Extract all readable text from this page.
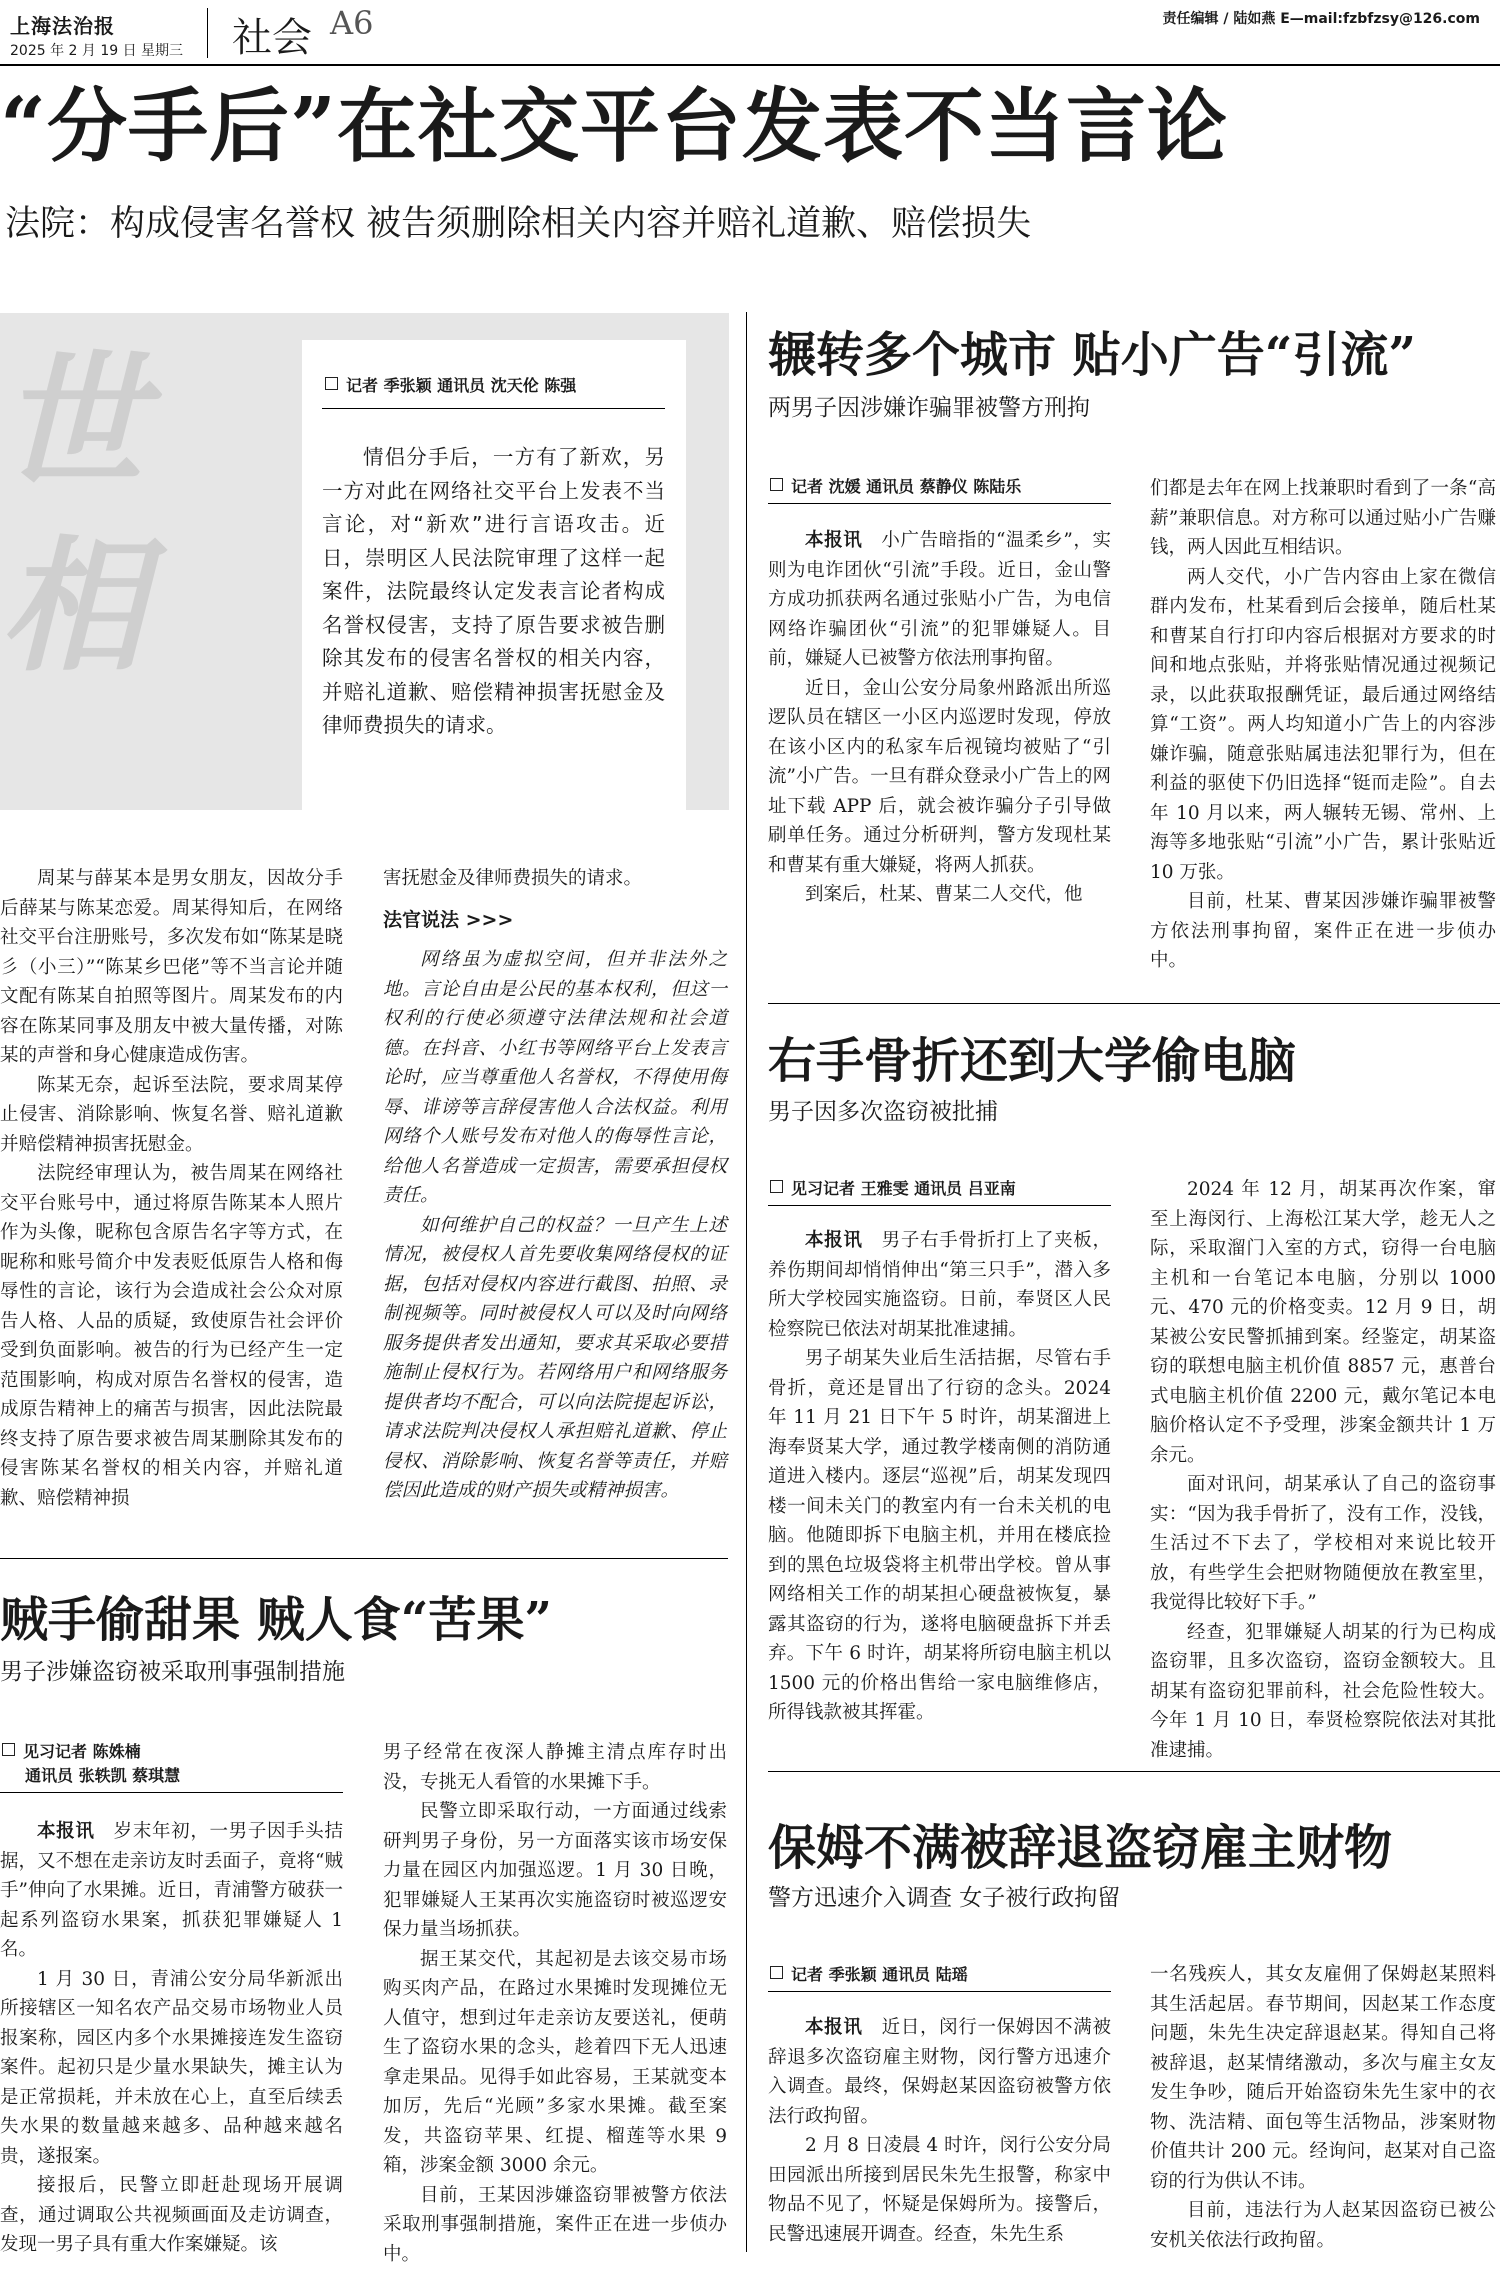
上海法治报
2025 年 2 月 19 日 星期三 社会 A6	责任编辑 / 陆如燕 E—mail:fzbfzsy@126.com
“分手后”在社交平台发表不当言论
法院：构成侵害名誉权 被告须删除相关内容并赔礼道歉、赔偿损失
世相
记者 季张颖 通讯员 沈天伦 陈强

情侣分手后，一方有了新欢，另一方对此在网络社交平台上发表不当言论，对“新欢”进行言语攻击。近日，崇明区人民法院审理了这样一起案件，法院最终认定发表言论者构成名誉权侵害，支持了原告要求被告删除其发布的侵害名誉权的相关内容，并赔礼道歉、赔偿精神损害抚慰金及律师费损失的请求。

周某与薛某本是男女朋友，因故分手后薛某与陈某恋爱。周某得知后，在网络社交平台注册账号，多次发布如“陈某是晓彡（小三）”“陈某乡巴佬”等不当言论并随文配有陈某自拍照等图片。周某发布的内容在陈某同事及朋友中被大量传播，对陈某的声誉和身心健康造成伤害。

陈某无奈，起诉至法院，要求周某停止侵害、消除影响、恢复名誉、赔礼道歉并赔偿精神损害抚慰金。

法院经审理认为，被告周某在网络社交平台账号中，通过将原告陈某本人照片作为头像，昵称包含原告名字等方式，在昵称和账号简介中发表贬低原告人格和侮辱性的言论，该行为会造成社会公众对原告人格、人品的质疑，致使原告社会评价受到负面影响。被告的行为已经产生一定范围影响，构成对原告名誉权的侵害，造成原告精神上的痛苦与损害，因此法院最终支持了原告要求被告周某删除其发布的侵害陈某名誉权的相关内容，并赔礼道歉、赔偿精神损

害抚慰金及律师费损失的请求。

法官说法 >>>

网络虽为虚拟空间，但并非法外之地。言论自由是公民的基本权利，但这一权利的行使必须遵守法律法规和社会道德。在抖音、小红书等网络平台上发表言论时，应当尊重他人名誉权，不得使用侮辱、诽谤等言辞侵害他人合法权益。利用网络个人账号发布对他人的侮辱性言论，给他人名誉造成一定损害，需要承担侵权责任。

如何维护自己的权益？一旦产生上述情况，被侵权人首先要收集网络侵权的证据，包括对侵权内容进行截图、拍照、录制视频等。同时被侵权人可以及时向网络服务提供者发出通知，要求其采取必要措施制止侵权行为。若网络用户和网络服务提供者均不配合，可以向法院提起诉讼，请求法院判决侵权人承担赔礼道歉、停止侵权、消除影响、恢复名誉等责任，并赔偿因此造成的财产损失或精神损害。

辗转多个城市 贴小广告“引流”
两男子因涉嫌诈骗罪被警方刑拘
记者 沈媛 通讯员 蔡静仪 陈陆乐

本报讯　 小广告暗指的“温柔乡”，实则为电诈团伙“引流”手段。近日，金山警方成功抓获两名通过张贴小广告，为电信网络诈骗团伙“引流”的犯罪嫌疑人。目前，嫌疑人已被警方依法刑事拘留。

近日，金山公安分局象州路派出所巡逻队员在辖区一小区内巡逻时发现，停放在该小区内的私家车后视镜均被贴了“引流”小广告。一旦有群众登录小广告上的网址下载 APP 后，就会被诈骗分子引导做刷单任务。通过分析研判，警方发现杜某和曹某有重大嫌疑，将两人抓获。

到案后，杜某、曹某二人交代，他

们都是去年在网上找兼职时看到了一条“高薪”兼职信息。对方称可以通过贴小广告赚钱，两人因此互相结识。

两人交代，小广告内容由上家在微信群内发布，杜某看到后会接单，随后杜某和曹某自行打印内容后根据对方要求的时间和地点张贴，并将张贴情况通过视频记录，以此获取报酬凭证，最后通过网络结算“工资”。两人均知道小广告上的内容涉嫌诈骗，随意张贴属违法犯罪行为，但在利益的驱使下仍旧选择“铤而走险”。自去年 10 月以来，两人辗转无锡、常州、上海等多地张贴“引流”小广告，累计张贴近 10 万张。

目前，杜某、曹某因涉嫌诈骗罪被警方依法刑事拘留，案件正在进一步侦办中。

右手骨折还到大学偷电脑
男子因多次盗窃被批捕
见习记者 王雅雯 通讯员 吕亚南

本报讯　 男子右手骨折打上了夹板，养伤期间却悄悄伸出“第三只手”，潜入多所大学校园实施盗窃。日前，奉贤区人民检察院已依法对胡某批准逮捕。

男子胡某失业后生活拮据，尽管右手骨折，竟还是冒出了行窃的念头。2024 年 11 月 21 日下午 5 时许，胡某溜进上海奉贤某大学，通过教学楼南侧的消防通道进入楼内。逐层“巡视”后，胡某发现四楼一间未关门的教室内有一台未关机的电脑。他随即拆下电脑主机，并用在楼底捡到的黑色垃圾袋将主机带出学校。曾从事网络相关工作的胡某担心硬盘被恢复，暴露其盗窃的行为，遂将电脑硬盘拆下并丢弃。下午 6 时许，胡某将所窃电脑主机以 1500 元的价格出售给一家电脑维修店，所得钱款被其挥霍。

2024 年 12 月，胡某再次作案，窜至上海闵行、上海松江某大学，趁无人之际，采取溜门入室的方式，窃得一台电脑主机和一台笔记本电脑，分别以 1000 元、470 元的价格变卖。12 月 9 日，胡某被公安民警抓捕到案。经鉴定，胡某盗窃的联想电脑主机价值 8857 元，惠普台式电脑主机价值 2200 元，戴尔笔记本电脑价格认定不予受理，涉案金额共计 1 万余元。

面对讯问，胡某承认了自己的盗窃事实：“因为我手骨折了，没有工作，没钱，生活过不下去了，学校相对来说比较开放，有些学生会把财物随便放在教室里，我觉得比较好下手。”

经查，犯罪嫌疑人胡某的行为已构成盗窃罪，且多次盗窃，盗窃金额较大。且胡某有盗窃犯罪前科，社会危险性较大。今年 1 月 10 日，奉贤检察院依法对其批准逮捕。

贼手偷甜果 贼人食“苦果”
男子涉嫌盗窃被采取刑事强制措施
见习记者 陈姝楠
通讯员 张轶凯 蔡琪慧

本报讯　 岁末年初，一男子因手头拮据，又不想在走亲访友时丢面子，竟将“贼手”伸向了水果摊。近日，青浦警方破获一起系列盗窃水果案，抓获犯罪嫌疑人 1 名。

1 月 30 日，青浦公安分局华新派出所接辖区一知名农产品交易市场物业人员报案称，园区内多个水果摊接连发生盗窃案件。起初只是少量水果缺失，摊主认为是正常损耗，并未放在心上，直至后续丢失水果的数量越来越多、品种越来越名贵，遂报案。

接报后，民警立即赶赴现场开展调查，通过调取公共视频画面及走访调查，发现一男子具有重大作案嫌疑。该

男子经常在夜深人静摊主清点库存时出没，专挑无人看管的水果摊下手。

民警立即采取行动，一方面通过线索研判男子身份，另一方面落实该市场安保力量在园区内加强巡逻。1 月 30 日晚，犯罪嫌疑人王某再次实施盗窃时被巡逻安保力量当场抓获。

据王某交代，其起初是去该交易市场购买肉产品，在路过水果摊时发现摊位无人值守，想到过年走亲访友要送礼，便萌生了盗窃水果的念头，趁着四下无人迅速拿走果品。见得手如此容易，王某就变本加厉，先后“光顾”多家水果摊。截至案发，共盗窃苹果、红提、榴莲等水果 9 箱，涉案金额 3000 余元。

目前，王某因涉嫌盗窃罪被警方依法采取刑事强制措施，案件正在进一步侦办中。

保姆不满被辞退盗窃雇主财物
警方迅速介入调查 女子被行政拘留
记者 季张颖 通讯员 陆瑶

本报讯　 近日，闵行一保姆因不满被辞退多次盗窃雇主财物，闵行警方迅速介入调查。最终，保姆赵某因盗窃被警方依法行政拘留。

2 月 8 日凌晨 4 时许，闵行公安分局田园派出所接到居民朱先生报警，称家中物品不见了，怀疑是保姆所为。接警后，民警迅速展开调查。经查，朱先生系

一名残疾人，其女友雇佣了保姆赵某照料其生活起居。春节期间，因赵某工作态度问题，朱先生决定辞退赵某。得知自己将被辞退，赵某情绪激动，多次与雇主女友发生争吵，随后开始盗窃朱先生家中的衣物、洗洁精、面包等生活物品，涉案财物价值共计 200 元。经询问，赵某对自己盗窃的行为供认不讳。

目前，违法行为人赵某因盗窃已被公安机关依法行政拘留。
